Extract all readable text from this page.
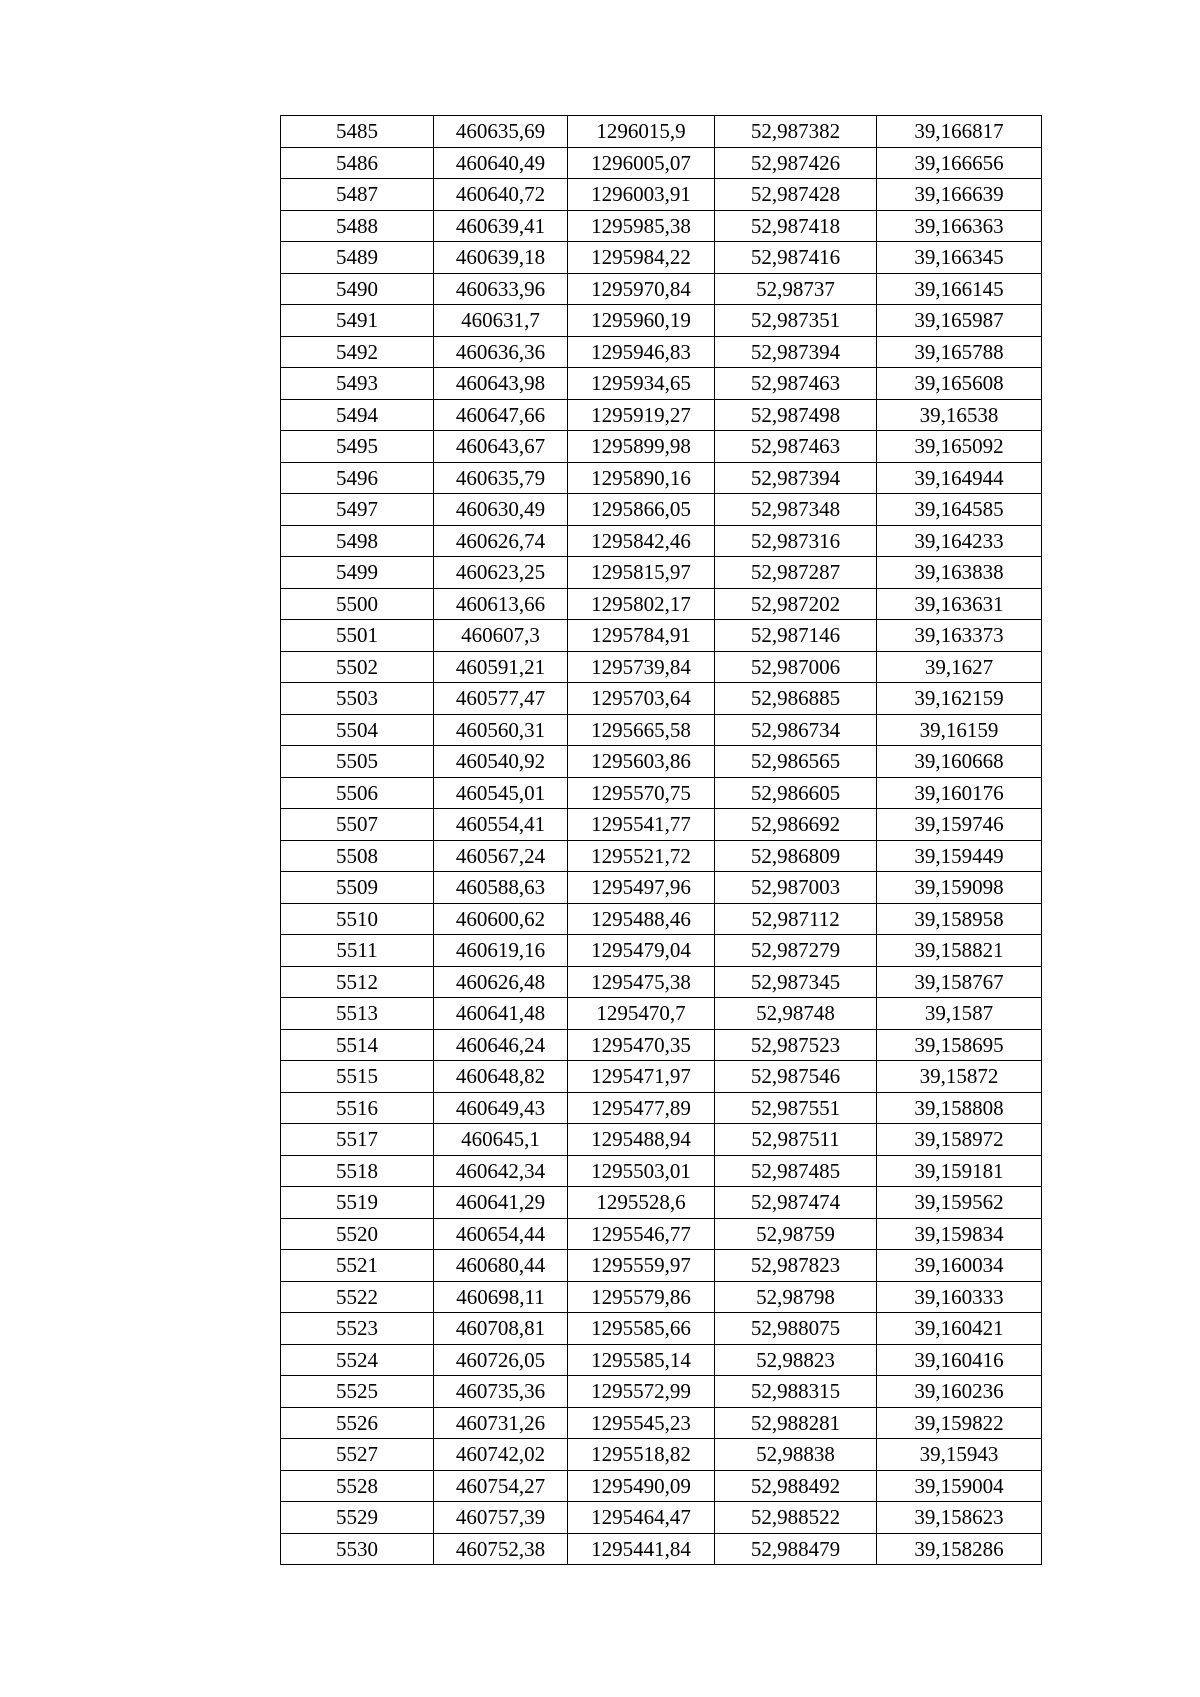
5485	460635,69	1296015,9	52,987382	39,166817
5486	460640,49	1296005,07	52,987426	39,166656
5487	460640,72	1296003,91	52,987428	39,166639
5488	460639,41	1295985,38	52,987418	39,166363
5489	460639,18	1295984,22	52,987416	39,166345
5490	460633,96	1295970,84	52,98737	39,166145
5491	460631,7	1295960,19	52,987351	39,165987
5492	460636,36	1295946,83	52,987394	39,165788
5493	460643,98	1295934,65	52,987463	39,165608
5494	460647,66	1295919,27	52,987498	39,16538
5495	460643,67	1295899,98	52,987463	39,165092
5496	460635,79	1295890,16	52,987394	39,164944
5497	460630,49	1295866,05	52,987348	39,164585
5498	460626,74	1295842,46	52,987316	39,164233
5499	460623,25	1295815,97	52,987287	39,163838
5500	460613,66	1295802,17	52,987202	39,163631
5501	460607,3	1295784,91	52,987146	39,163373
5502	460591,21	1295739,84	52,987006	39,1627
5503	460577,47	1295703,64	52,986885	39,162159
5504	460560,31	1295665,58	52,986734	39,16159
5505	460540,92	1295603,86	52,986565	39,160668
5506	460545,01	1295570,75	52,986605	39,160176
5507	460554,41	1295541,77	52,986692	39,159746
5508	460567,24	1295521,72	52,986809	39,159449
5509	460588,63	1295497,96	52,987003	39,159098
5510	460600,62	1295488,46	52,987112	39,158958
5511	460619,16	1295479,04	52,987279	39,158821
5512	460626,48	1295475,38	52,987345	39,158767
5513	460641,48	1295470,7	52,98748	39,1587
5514	460646,24	1295470,35	52,987523	39,158695
5515	460648,82	1295471,97	52,987546	39,15872
5516	460649,43	1295477,89	52,987551	39,158808
5517	460645,1	1295488,94	52,987511	39,158972
5518	460642,34	1295503,01	52,987485	39,159181
5519	460641,29	1295528,6	52,987474	39,159562
5520	460654,44	1295546,77	52,98759	39,159834
5521	460680,44	1295559,97	52,987823	39,160034
5522	460698,11	1295579,86	52,98798	39,160333
5523	460708,81	1295585,66	52,988075	39,160421
5524	460726,05	1295585,14	52,98823	39,160416
5525	460735,36	1295572,99	52,988315	39,160236
5526	460731,26	1295545,23	52,988281	39,159822
5527	460742,02	1295518,82	52,98838	39,15943
5528	460754,27	1295490,09	52,988492	39,159004
5529	460757,39	1295464,47	52,988522	39,158623
5530	460752,38	1295441,84	52,988479	39,158286
